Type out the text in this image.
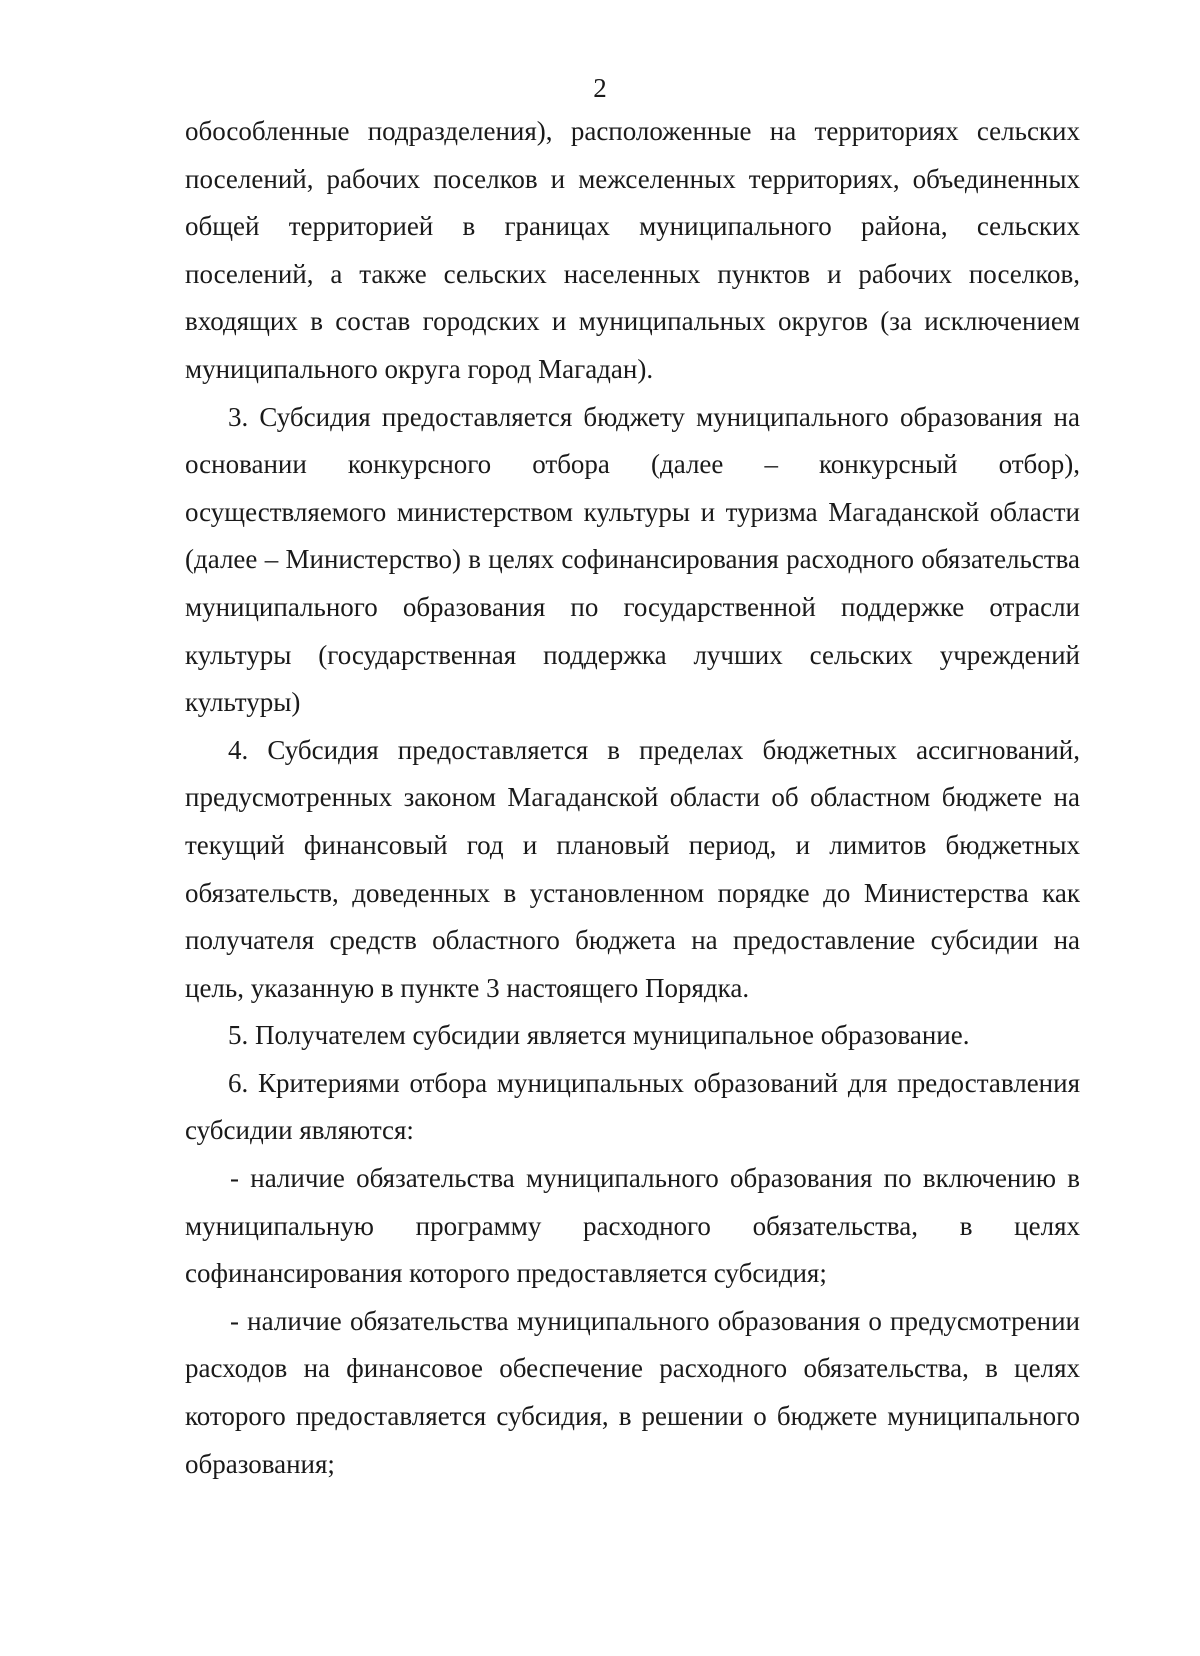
2

обособленные подразделения), расположенные на территориях сельских поселений, рабочих поселков и межселенных территориях, объединенных общей территорией в границах муниципального района, сельских поселений, а также сельских населенных пунктов и рабочих поселков, входящих в состав городских и муниципальных округов (за исключением муниципального округа город Магадан).

3. Субсидия предоставляется бюджету муниципального образования на основании конкурсного отбора (далее – конкурсный отбор), осуществляемого министерством культуры и туризма Магаданской области (далее – Министерство) в целях софинансирования расходного обязательства муниципального образования по государственной поддержке отрасли культуры (государственная поддержка лучших сельских учреждений культуры)

4. Субсидия предоставляется в пределах бюджетных ассигнований, предусмотренных законом Магаданской области об областном бюджете на текущий финансовый год и плановый период, и лимитов бюджетных обязательств, доведенных в установленном порядке до Министерства как получателя средств областного бюджета на предоставление субсидии на цель, указанную в пункте 3 настоящего Порядка.

5. Получателем субсидии является муниципальное образование.

6. Критериями отбора муниципальных образований для предоставления субсидии являются:

- наличие обязательства муниципального образования по включению в муниципальную программу расходного обязательства, в целях софинансирования которого предоставляется субсидия;

- наличие обязательства муниципального образования о предусмотрении расходов на финансовое обеспечение расходного обязательства, в целях которого предоставляется субсидия, в решении о бюджете муниципального образования;
